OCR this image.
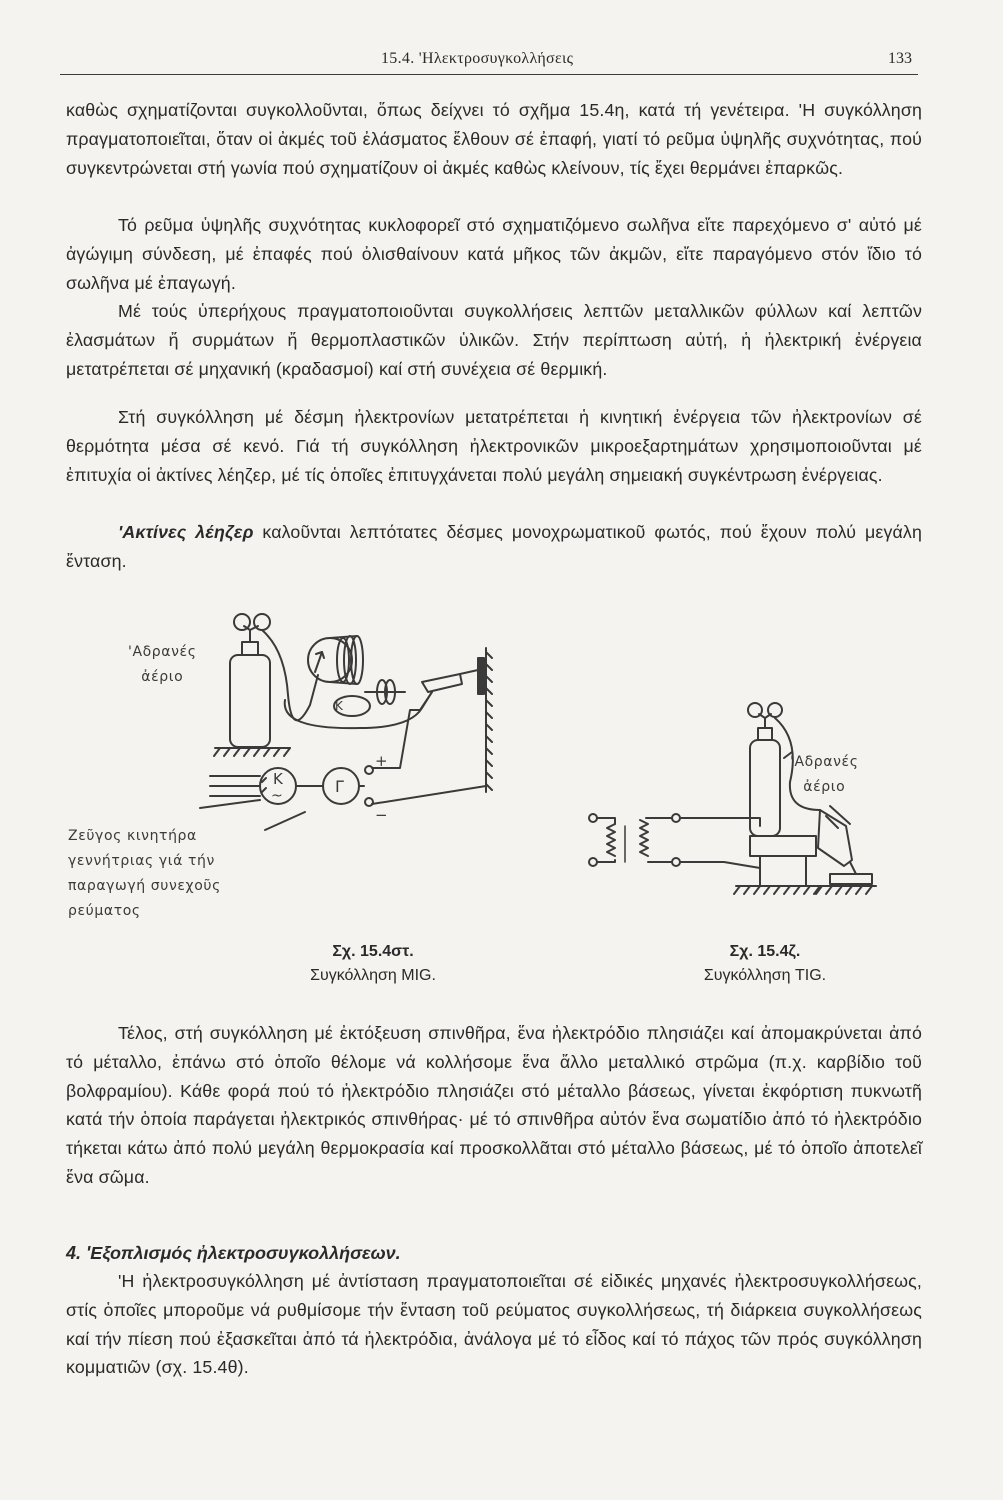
15.4. 'Ηλεκτροσυγκολλήσεις	133

καθὼς σχηματίζονται συγκολλοῦνται, ὅπως δείχνει τό σχῆμα 15.4η, κατά τή γενέτειρα. 'Η συγκόλληση πραγματοποιεῖται, ὅταν οἱ ἀκμές τοῦ ἐλάσματος ἔλθουν σέ ἐπαφή, γιατί τό ρεῦμα ὑψηλῆς συχνότητας, πού συγκεντρώνεται στή γωνία πού σχηματίζουν οἱ ἀκμές καθὼς κλείνουν, τίς ἔχει θερμάνει ἐπαρκῶς.

Τό ρεῦμα ὑψηλῆς συχνότητας κυκλοφορεῖ στό σχηματιζόμενο σωλῆνα εἴτε παρεχόμενο σ' αὐτό μέ ἀγώγιμη σύνδεση, μέ ἐπαφές πού ὀλισθαίνουν κατά μῆκος τῶν ἀκμῶν, εἴτε παραγόμενο στόν ἴδιο τό σωλῆνα μέ ἐπαγωγή.

Μέ τούς ὑπερήχους πραγματοποιοῦνται συγκολλήσεις λεπτῶν μεταλλικῶν φύλλων καί λεπτῶν ἐλασμάτων ἤ συρμάτων ἤ θερμοπλαστικῶν ὑλικῶν. Στήν περίπτωση αὐτή, ἡ ἠλεκτρική ἐνέργεια μετατρέπεται σέ μηχανική (κραδασμοί) καί στή συνέχεια σέ θερμική.

Στή συγκόλληση μέ δέσμη ἠλεκτρονίων μετατρέπεται ἡ κινητική ἐνέργεια τῶν ἠλεκτρονίων σέ θερμότητα μέσα σέ κενό. Γιά τή συγκόλληση ἠλεκτρονικῶν μικροεξαρτημάτων χρησιμοποιοῦνται μέ ἐπιτυχία οἱ ἀκτίνες λέηζερ, μέ τίς ὁποῖες ἐπιτυγχάνεται πολύ μεγάλη σημειακή συγκέντρωση ἐνέργειας.

'Ακτίνες λέηζερ καλοῦνται λεπτότατες δέσμες μονοχρωματικοῦ φωτός, πού ἔχουν πολύ μεγάλη ἔνταση.

K
K
~	Γ
+
−
'Αδρανές
ἀέριο
Ζεῦγος κινητήρα
γεννήτριας γιά τήν
παραγωγή συνεχοῦς
ρεύματος
'Αδρανές
ἀέριο
Σχ. 15.4στ.
Συγκόλληση MIG.
Σχ. 15.4ζ.
Συγκόλληση TIG.

Τέλος, στή συγκόλληση μέ ἐκτόξευση σπινθῆρα, ἕνα ἠλεκτρόδιο πλησιάζει καί ἀπομακρύνεται ἀπό τό μέταλλο, ἐπάνω στό ὁποῖο θέλομε νά κολλήσομε ἕνα ἄλλο μεταλλικό στρῶμα (π.χ. καρβίδιο τοῦ βολφραμίου). Κάθε φορά πού τό ἠλεκτρόδιο πλησιάζει στό μέταλλο βάσεως, γίνεται ἐκφόρτιση πυκνωτῆ κατά τήν ὁποία παράγεται ἠλεκτρικός σπινθήρας· μέ τό σπινθῆρα αὐτόν ἕνα σωματίδιο ἀπό τό ἠλεκτρόδιο τήκεται κάτω ἀπό πολύ μεγάλη θερμοκρασία καί προσκολλᾶται στό μέταλλο βάσεως, μέ τό ὁποῖο ἀποτελεῖ ἕνα σῶμα.

4. 'Εξοπλισμός ἠλεκτροσυγκολλήσεων.

'Η ἠλεκτροσυγκόλληση μέ ἀντίσταση πραγματοποιεῖται σέ εἰδικές μηχανές ἠλεκτροσυγκολλήσεως, στίς ὁποῖες μποροῦμε νά ρυθμίσομε τήν ἔνταση τοῦ ρεύματος συγκολλήσεως, τή διάρκεια συγκολλήσεως καί τήν πίεση πού ἐξασκεῖται ἀπό τά ἠλεκτρόδια, ἀνάλογα μέ τό εἶδος καί τό πάχος τῶν πρός συγκόλληση κομματιῶν (σχ. 15.4θ).
